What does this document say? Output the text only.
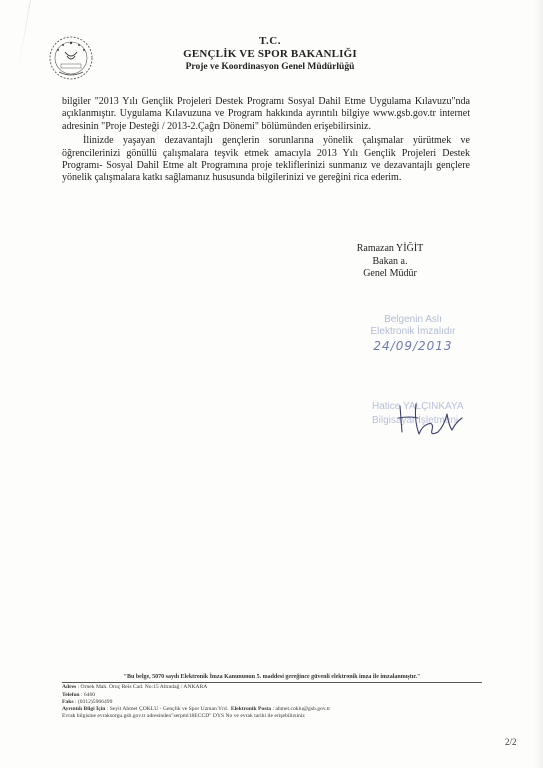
T.C.
GENÇLİK VE SPOR BAKANLIĞI
Proje ve Koordinasyon Genel Müdürlüğü

bilgiler "2013 Yılı Gençlik Projeleri Destek Programı Sosyal Dahil Etme Uygulama Kılavuzu"nda açıklanmıştır. Uygulama Kılavuzuna ve Program hakkında ayrıntılı bilgiye www.gsb.gov.tr internet adresinin "Proje Desteği / 2013-2.Çağrı Dönemi" bölümünden erişebilirsiniz.

İlinizde yaşayan dezavantajlı gençlerin sorunlarına yönelik çalışmalar yürütmek ve öğrencilerinizi gönüllü çalışmalara teşvik etmek amacıyla 2013 Yılı Gençlik Projeleri Destek Programı- Sosyal Dahil Etme alt Programına proje tekliflerinizi sunmanız ve dezavantajlı gençlere yönelik çalışmalara katkı sağlamanız hususunda bilgilerinizi ve gereğini rica ederim.

Ramazan YİĞİT
Bakan a.
Genel Müdür
Belgenin Aslı
Elektronik İmzalıdır
24/09/2013
Hatice YALÇINKAYA
Bilgisayar İşletmeni
"Bu belge, 5070 sayılı Elektronik İmza Kanununun 5. maddesi gereğince güvenli elektronik imza ile imzalanmıştır."
Adres : Örnek Mah. Oruç Reis Cad. No:15 Altındağ / ANKARA
Telefon : 6460
Faks : (0312)5966499
Ayrıntılı Bilgi İçin : Seyit Ahmet ÇOKLU - Gençlik ve Spor Uzman Yrd. Elektronik Posta : ahmet.coklu@gsb.gov.tr
Evrak bilgisine evraksorgu.gsb.gov.tr adresinden"serpml18ECCD" DYS No ve evrak tarihi ile erişebilirsiniz
2/2
